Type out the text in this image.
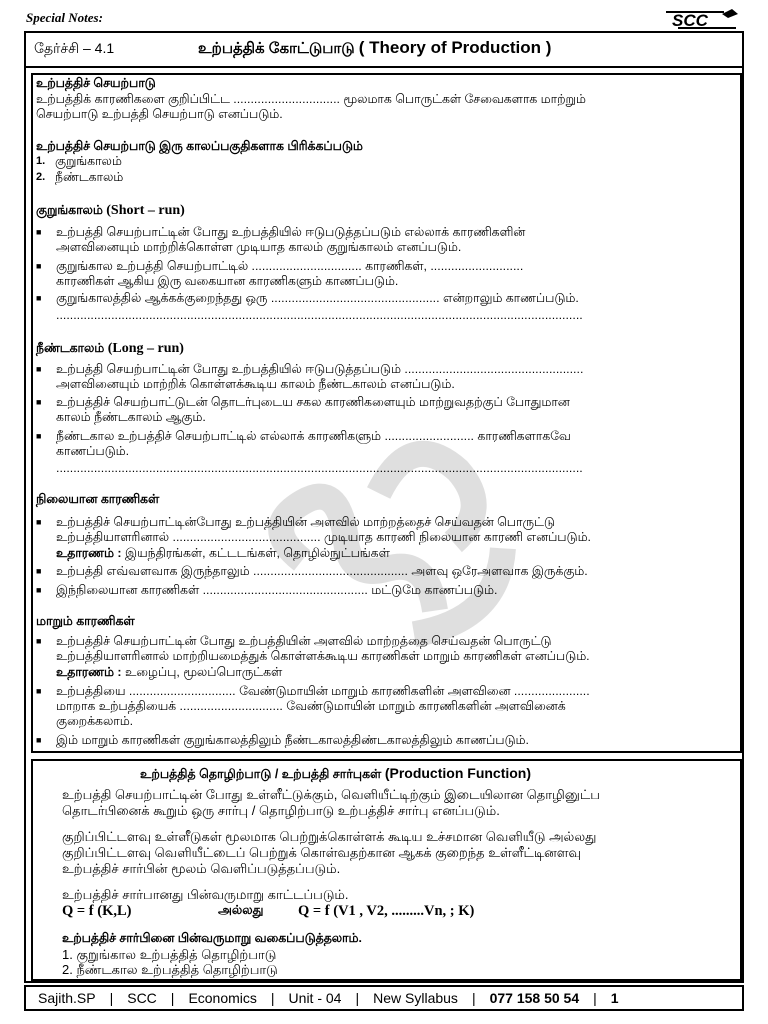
Special Notes:	SCC
தேர்ச்சி – 4.1	உற்பத்திக் கோட்டுபாடு ( Theory of Production )
உற்பத்திச் செயற்பாடு
உற்பத்திக் காரணிகளை குறிப்பிட்ட ............................... மூலமாக பொருட்கள் சேவைகளாக மாற்றும்
செயற்பாடு உற்பத்தி செயற்பாடு எனப்படும்.
உற்பத்திச் செயற்பாடு இரு காலப்பகுதிகளாக பிரிக்கப்படும்
1. குறுங்காலம்
2. நீண்டகாலம்
குறுங்காலம் (Short – run)
■ உற்பத்தி செயற்பாட்டின் போது உற்பத்தியில் ஈடுபடுத்தப்படும் எல்லாக் காரணிகளின்
அளவினையும் மாற்றிக்கொள்ள முடியாத காலம் குறுங்காலம் எனப்படும்.
■ குறுங்கால உற்பத்தி செயற்பாட்டில் ................................ காரணிகள், ...........................
காரணிகள் ஆகிய இரு வகையான காரணிகளும் காணப்படும்.
■ குறுங்காலத்தில் ஆக்கக்குறைந்தது ஒரு ................................................. என்றாலும் காணப்படும்.
.........................................................................................................................................................
நீண்டகாலம் (Long – run)
■ உற்பத்தி செயற்பாட்டின் போது உற்பத்தியில் ஈடுபடுத்தப்படும் ....................................................
அளவினையும் மாற்றிக் கொள்ளக்கூடிய காலம் நீண்டகாலம் எனப்படும்.
■ உற்பத்திச் செயற்பாட்டுடன் தொடர்புடைய சகல காரணிகளையும் மாற்றுவதற்குப் போதுமான
காலம் நீண்டகாலம் ஆகும்.
■ நீண்டகால உற்பத்திச் செயற்பாட்டில் எல்லாக் காரணிகளும் .......................... காரணிகளாகவே
காணப்படும்.
.........................................................................................................................................................
நிலையான காரணிகள்
■ உற்பத்திச் செயற்பாட்டின்போது உற்பத்தியின் அளவில் மாற்றத்தைச் செய்வதன் பொருட்டு
உற்பத்தியாளரினால் ........................................... முடியாத காரணி நிலையான காரணி எனப்படும்.
உதாரணம் : இயந்திரங்கள், கட்டடங்கள், தொழில்நுட்பங்கள்
■ உற்பத்தி எவ்வளவாக இருந்தாலும் ............................................. அளவு ஒரேஅளவாக இருக்கும்.
■ இந்நிலையான காரணிகள் ................................................ மட்டுமே காணப்படும்.
மாறும் காரணிகள்
■ உற்பத்திச் செயற்பாட்டின் போது உற்பத்தியின் அளவில் மாற்றத்தை செய்வதன் பொருட்டு
உற்பத்தியாளரினால் மாற்றியமைத்துக் கொள்ளக்கூடிய காரணிகள் மாறும் காரணிகள் எனப்படும்.
உதாரணம் : உழைப்பு, மூலப்பொருட்கள்
■ உற்பத்தியை ............................... வேண்டுமாயின் மாறும் காரணிகளின் அளவினை ......................
மாறாக உற்பத்தியைக் .............................. வேண்டுமாயின் மாறும் காரணிகளின் அளவினைக்
குறைக்கலாம்.
■ இம் மாறும் காரணிகள் குறுங்காலத்திலும் நீண்டகாலத்திண்டகாலத்திலும் காணப்படும்.
உற்பத்தித் தொழிற்பாடு / உற்பத்தி சார்புகள் (Production Function)
உற்பத்தி செயற்பாட்டின் போது உள்ளீட்டுக்கும், வெளியீட்டிற்கும் இடையிலான தொழினுட்ப
தொடர்பினைக் கூறும் ஒரு சார்பு / தொழிற்பாடு உற்பத்திச் சார்பு எனப்படும்.
குறிப்பிட்டளவு உள்ளீடுகள் மூலமாக பெற்றுக்கொள்ளக் கூடிய உச்சமான வெளியீடு அல்லது
குறிப்பிட்டளவு வெளியீட்டைப் பெற்றுக் கொள்வதற்கான ஆகக் குறைந்த உள்ளீட்டினளவு
உற்பத்திச் சார்பின் மூலம் வெளிப்படுத்தப்படும்.
உற்பத்திச் சார்பானது பின்வருமாறு காட்டப்படும்.
Q = f (K,L)	அல்லது Q = f (V1 , V2, .........Vn, ; K)
உற்பத்திச் சார்பினை பின்வருமாறு வகைப்படுத்தலாம்.
1. குறுங்கால உற்பத்தித் தொழிற்பாடு
2. நீண்டகால உற்பத்தித் தொழிற்பாடு
Sajith.SP | SCC | Economics | Unit - 04 | New Syllabus | 077 158 50 54 | 1
